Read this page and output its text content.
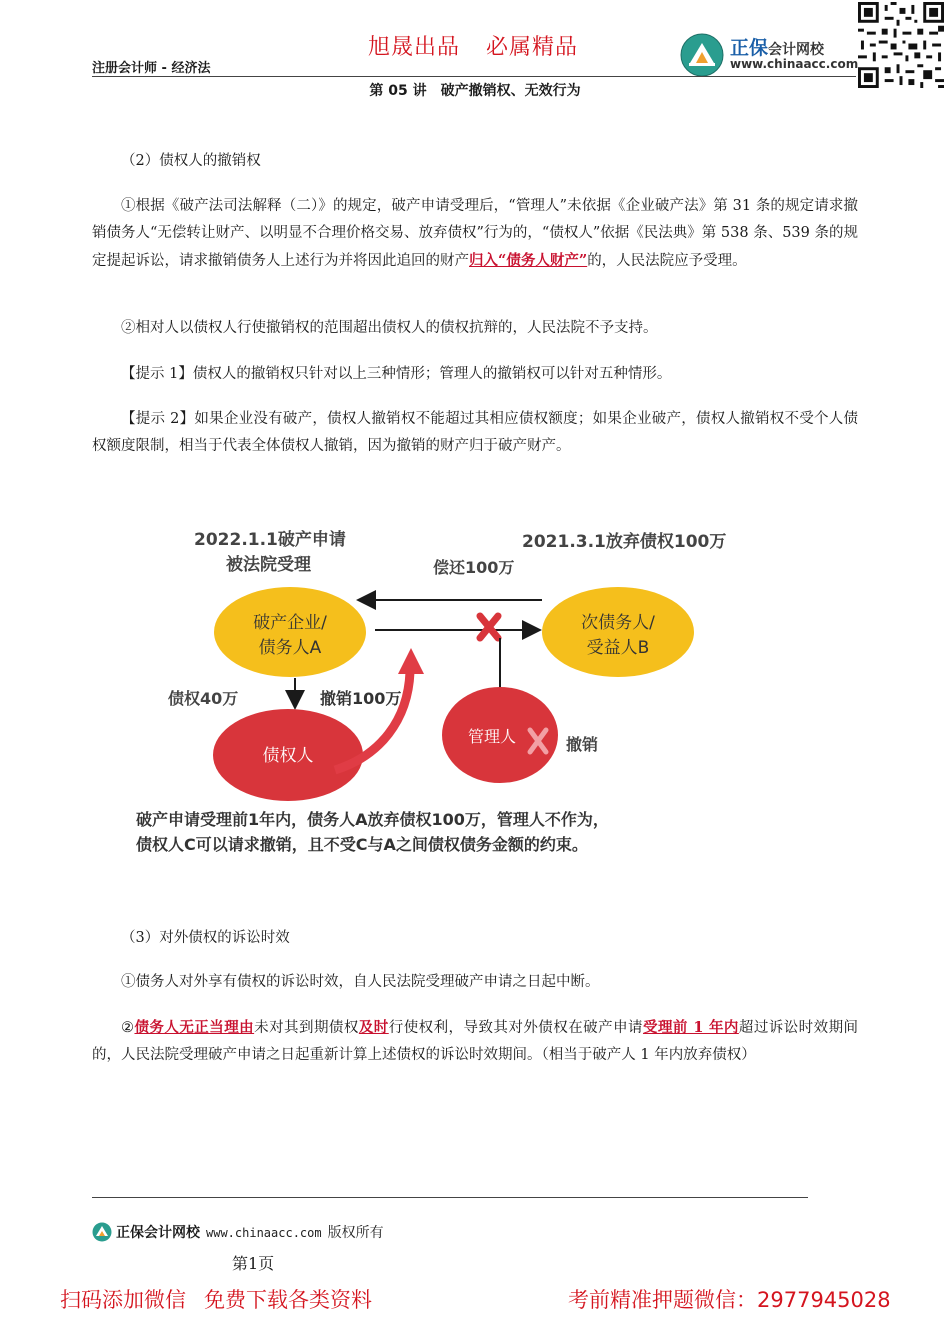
旭晟出品 必属精品
注册会计师 - 经济法
正保会计网校
www.chinaacc.com
第 05 讲　破产撤销权、无效行为
（2）债权人的撤销权
①根据《破产法司法解释（二）》的规定，破产申请受理后，“管理人”未依据《企业破产法》第 31 条的规定请求撤销债务人“无偿转让财产、以明显不合理价格交易、放弃债权”行为的，“债权人”依据《民法典》第 538 条、539 条的规定提起诉讼，请求撤销债务人上述行为并将因此追回的财产归入“债务人财产”的，人民法院应予受理。
②相对人以债权人行使撤销权的范围超出债权人的债权抗辩的，人民法院不予支持。
【提示 1】债权人的撤销权只针对以上三种情形；管理人的撤销权可以针对五种情形。
【提示 2】如果企业没有破产，债权人撤销权不能超过其相应债权额度；如果企业破产，债权人撤销权不受个人债权额度限制，相当于代表全体债权人撤销，因为撤销的财产归于破产财产。
2022.1.1破产申请
被法院受理
2021.3.1放弃债权100万
偿还100万
破产企业/
债务人A
次债务人/
受益人B
债权40万
债权人
撤销100万
管理人	撤销
破产申请受理前1年内，债务人A放弃债权100万，管理人不作为，
债权人C可以请求撤销，且不受C与A之间债权债务金额的约束。
（3）对外债权的诉讼时效
①债务人对外享有债权的诉讼时效，自人民法院受理破产申请之日起中断。
②债务人无正当理由未对其到期债权及时行使权利，导致其对外债权在破产申请受理前 1 年内超过诉讼时效期间的，人民法院受理破产申请之日起重新计算上述债权的诉讼时效期间。（相当于破产人 1 年内放弃债权）
正保会计网校 www.chinaacc.com 版权所有
第1页
扫码添加微信 免费下载各类资料	考前精准押题微信：2977945028
